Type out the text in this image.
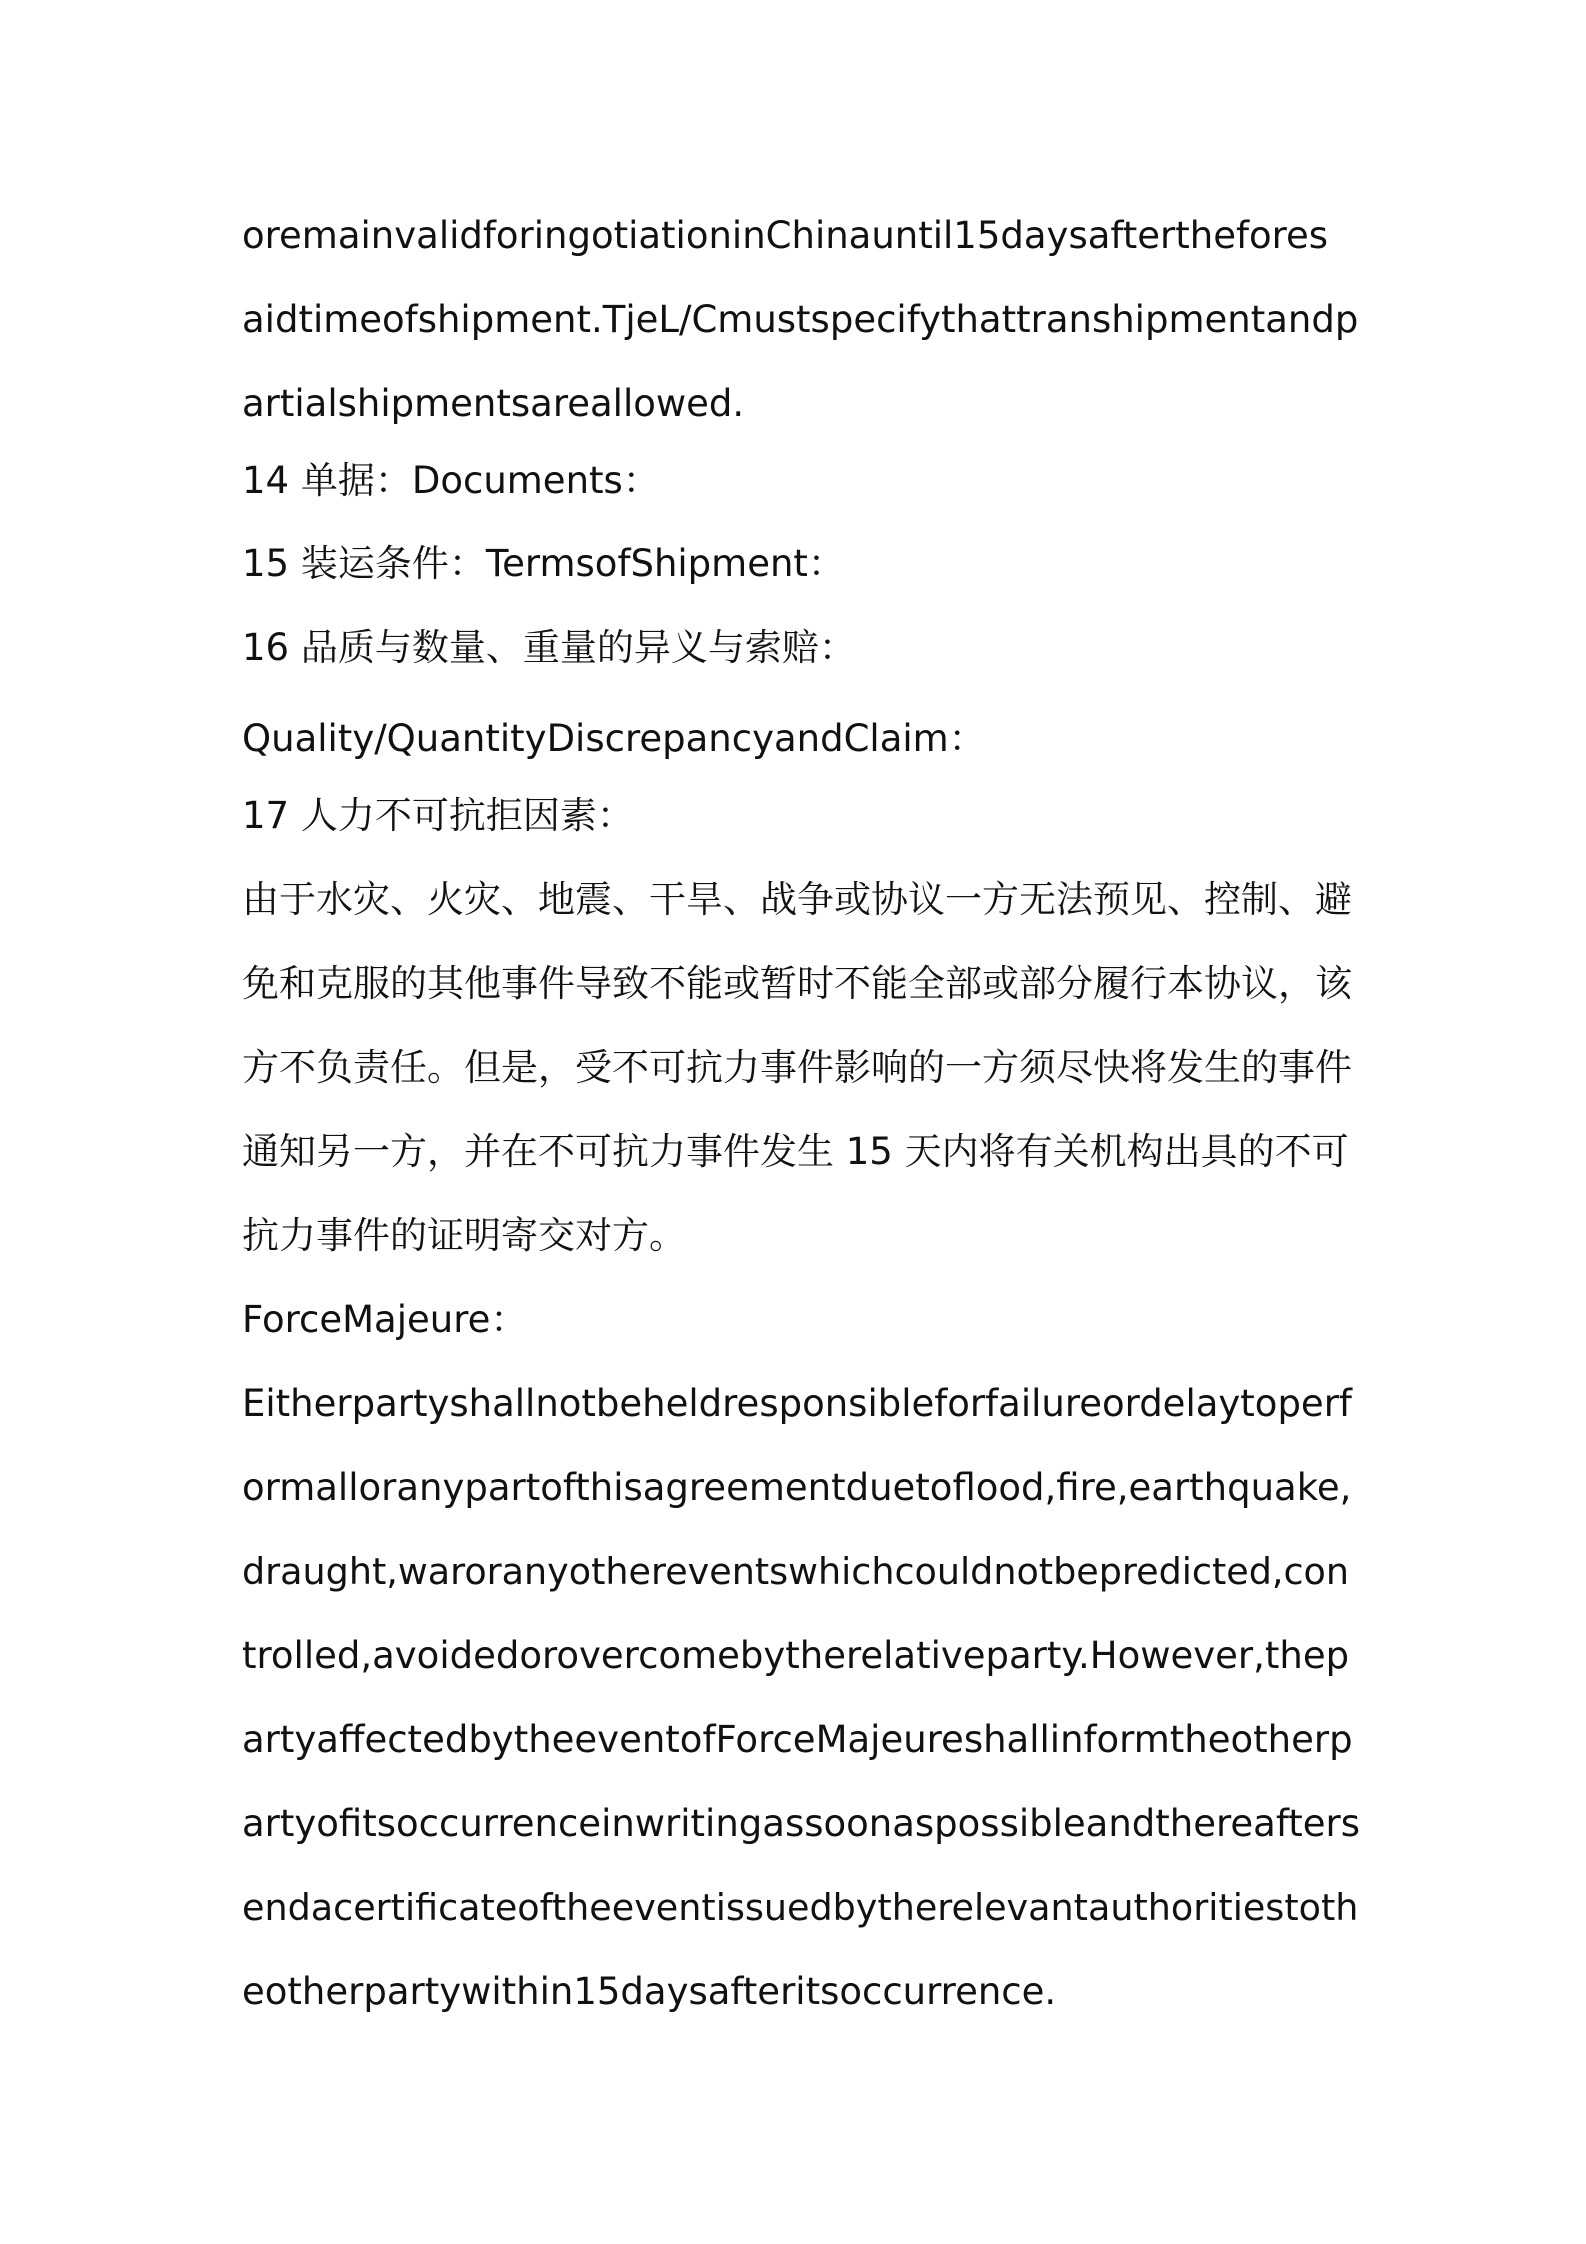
oremainvalidforingotiationinChinauntil15daysafterthefores
aidtimeofshipment.TjeL/Cmustspecifythattranshipmentandp
artialshipmentsareallowed.
14 单据：Documents：
15 装运条件：TermsofShipment：
16 品质与数量、重量的异义与索赔：
Quality/QuantityDiscrepancyandClaim：
17 人力不可抗拒因素：
由于水灾、火灾、地震、干旱、战争或协议一方无法预见、控制、避
免和克服的其他事件导致不能或暂时不能全部或部分履行本协议，该
方不负责任。但是，受不可抗力事件影响的一方须尽快将发生的事件
通知另一方，并在不可抗力事件发生 15 天内将有关机构出具的不可
抗力事件的证明寄交对方。
ForceMajeure：
Eitherpartyshallnotbeheldresponsibleforfailureordelaytoperf
ormalloranypartofthisagreementduetoflood,fire,earthquake,
draught,waroranyothereventswhichcouldnotbepredicted,con
trolled,avoidedorovercomebytherelativeparty.However,thep
artyaffectedbytheeventofForceMajeureshallinformtheotherp
artyofitsoccurrenceinwritingassoonaspossibleandthereafters
endacertificateoftheeventissuedbytherelevantauthoritiestoth
eotherpartywithin15daysafteritsoccurrence.
